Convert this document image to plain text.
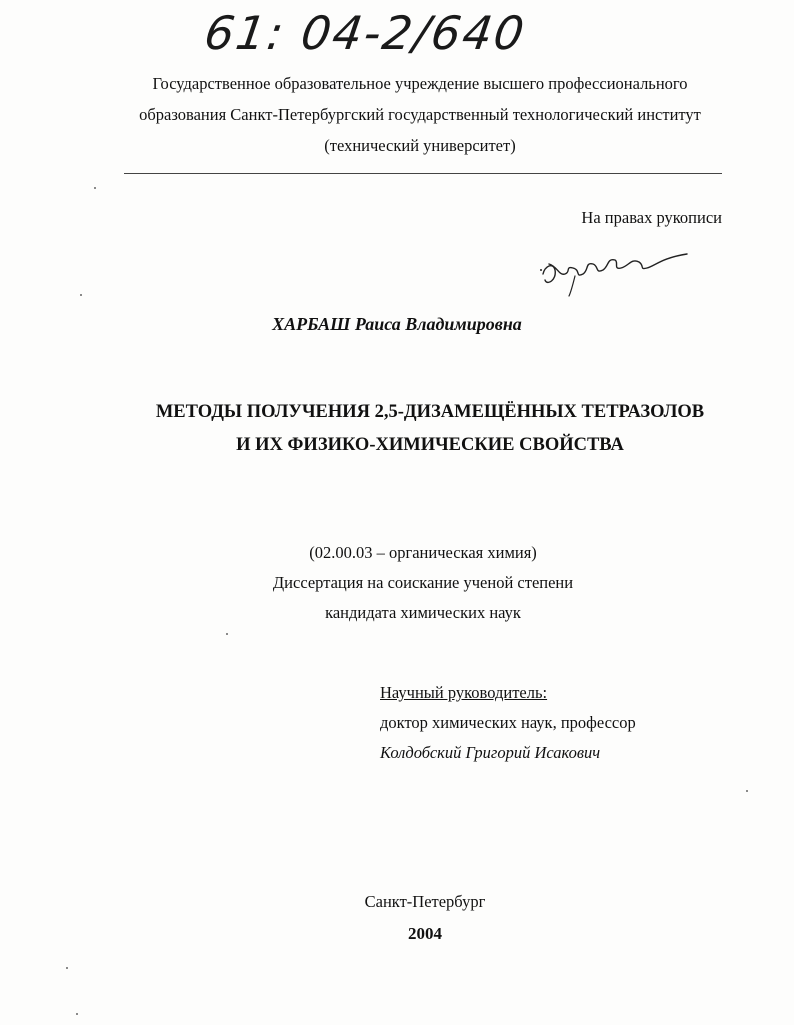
61: 04-2/640
Государственное образовательное учреждение высшего профессионального
образования Санкт-Петербургский государственный технологический институт
(технический университет)
На правах рукописи
ХАРБАШ Раиса Владимировна
МЕТОДЫ ПОЛУЧЕНИЯ 2,5-ДИЗАМЕЩЁННЫХ ТЕТРАЗОЛОВ
И ИХ ФИЗИКО-ХИМИЧЕСКИЕ СВОЙСТВА
(02.00.03 – органическая химия)
Диссертация на соискание ученой степени
кандидата химических наук
Научный руководитель:
доктор химических наук, профессор
Колдобский Григорий Исакович
Санкт-Петербург
2004
